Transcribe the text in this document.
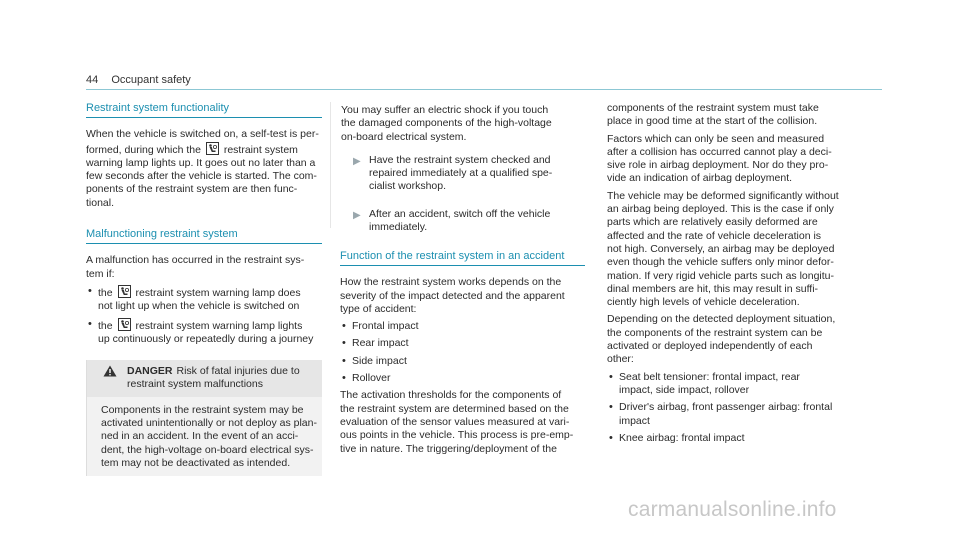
44 Occupant safety
Restraint system functionality

When the vehicle is switched on, a self-test is per-
formed, during which the
restraint system
warning lamp lights up. It goes out no later than a
few seconds after the vehicle is started. The com-
ponents of the restraint system are then func-
tional.

Malfunctioning restraint system

A malfunction has occurred in the restraint sys-
tem if:

• the restraint system warning lamp does
not light up when the vehicle is switched on
• the restraint system warning lamp lights
up continuously or repeatedly during a journey
DANGER Risk of fatal injuries due to
restraint system malfunctions
Components in the restraint system may be
activated unintentionally or not deploy as plan-
ned in an accident. In the event of an acci-
dent, the high-voltage on-board electrical sys-
tem may not be deactivated as intended.

You may suffer an electric shock if you touch
the damaged components of the high-voltage
on-board electrical system.

▶ Have the restraint system checked and
repaired immediately at a qualified spe-
cialist workshop.
▶ After an accident, switch off the vehicle
immediately.
Function of the restraint system in an accident

How the restraint system works depends on the
severity of the impact detected and the apparent
type of accident:

• Frontal impact
• Rear impact
• Side impact
• Rollover

The activation thresholds for the components of
the restraint system are determined based on the
evaluation of the sensor values measured at vari-
ous points in the vehicle. This process is pre-emp-
tive in nature. The triggering/deployment of the

components of the restraint system must take
place in good time at the start of the collision.

Factors which can only be seen and measured
after a collision has occurred cannot play a deci-
sive role in airbag deployment. Nor do they pro-
vide an indication of airbag deployment.

The vehicle may be deformed significantly without
an airbag being deployed. This is the case if only
parts which are relatively easily deformed are
affected and the rate of vehicle deceleration is
not high. Conversely, an airbag may be deployed
even though the vehicle suffers only minor defor-
mation. If very rigid vehicle parts such as longitu-
dinal members are hit, this may result in suffi-
ciently high levels of vehicle deceleration.

Depending on the detected deployment situation,
the components of the restraint system can be
activated or deployed independently of each
other:

• Seat belt tensioner: frontal impact, rear
impact, side impact, rollover
• Driver's airbag, front passenger airbag: frontal
impact
• Knee airbag: frontal impact
carmanualsonline.info
